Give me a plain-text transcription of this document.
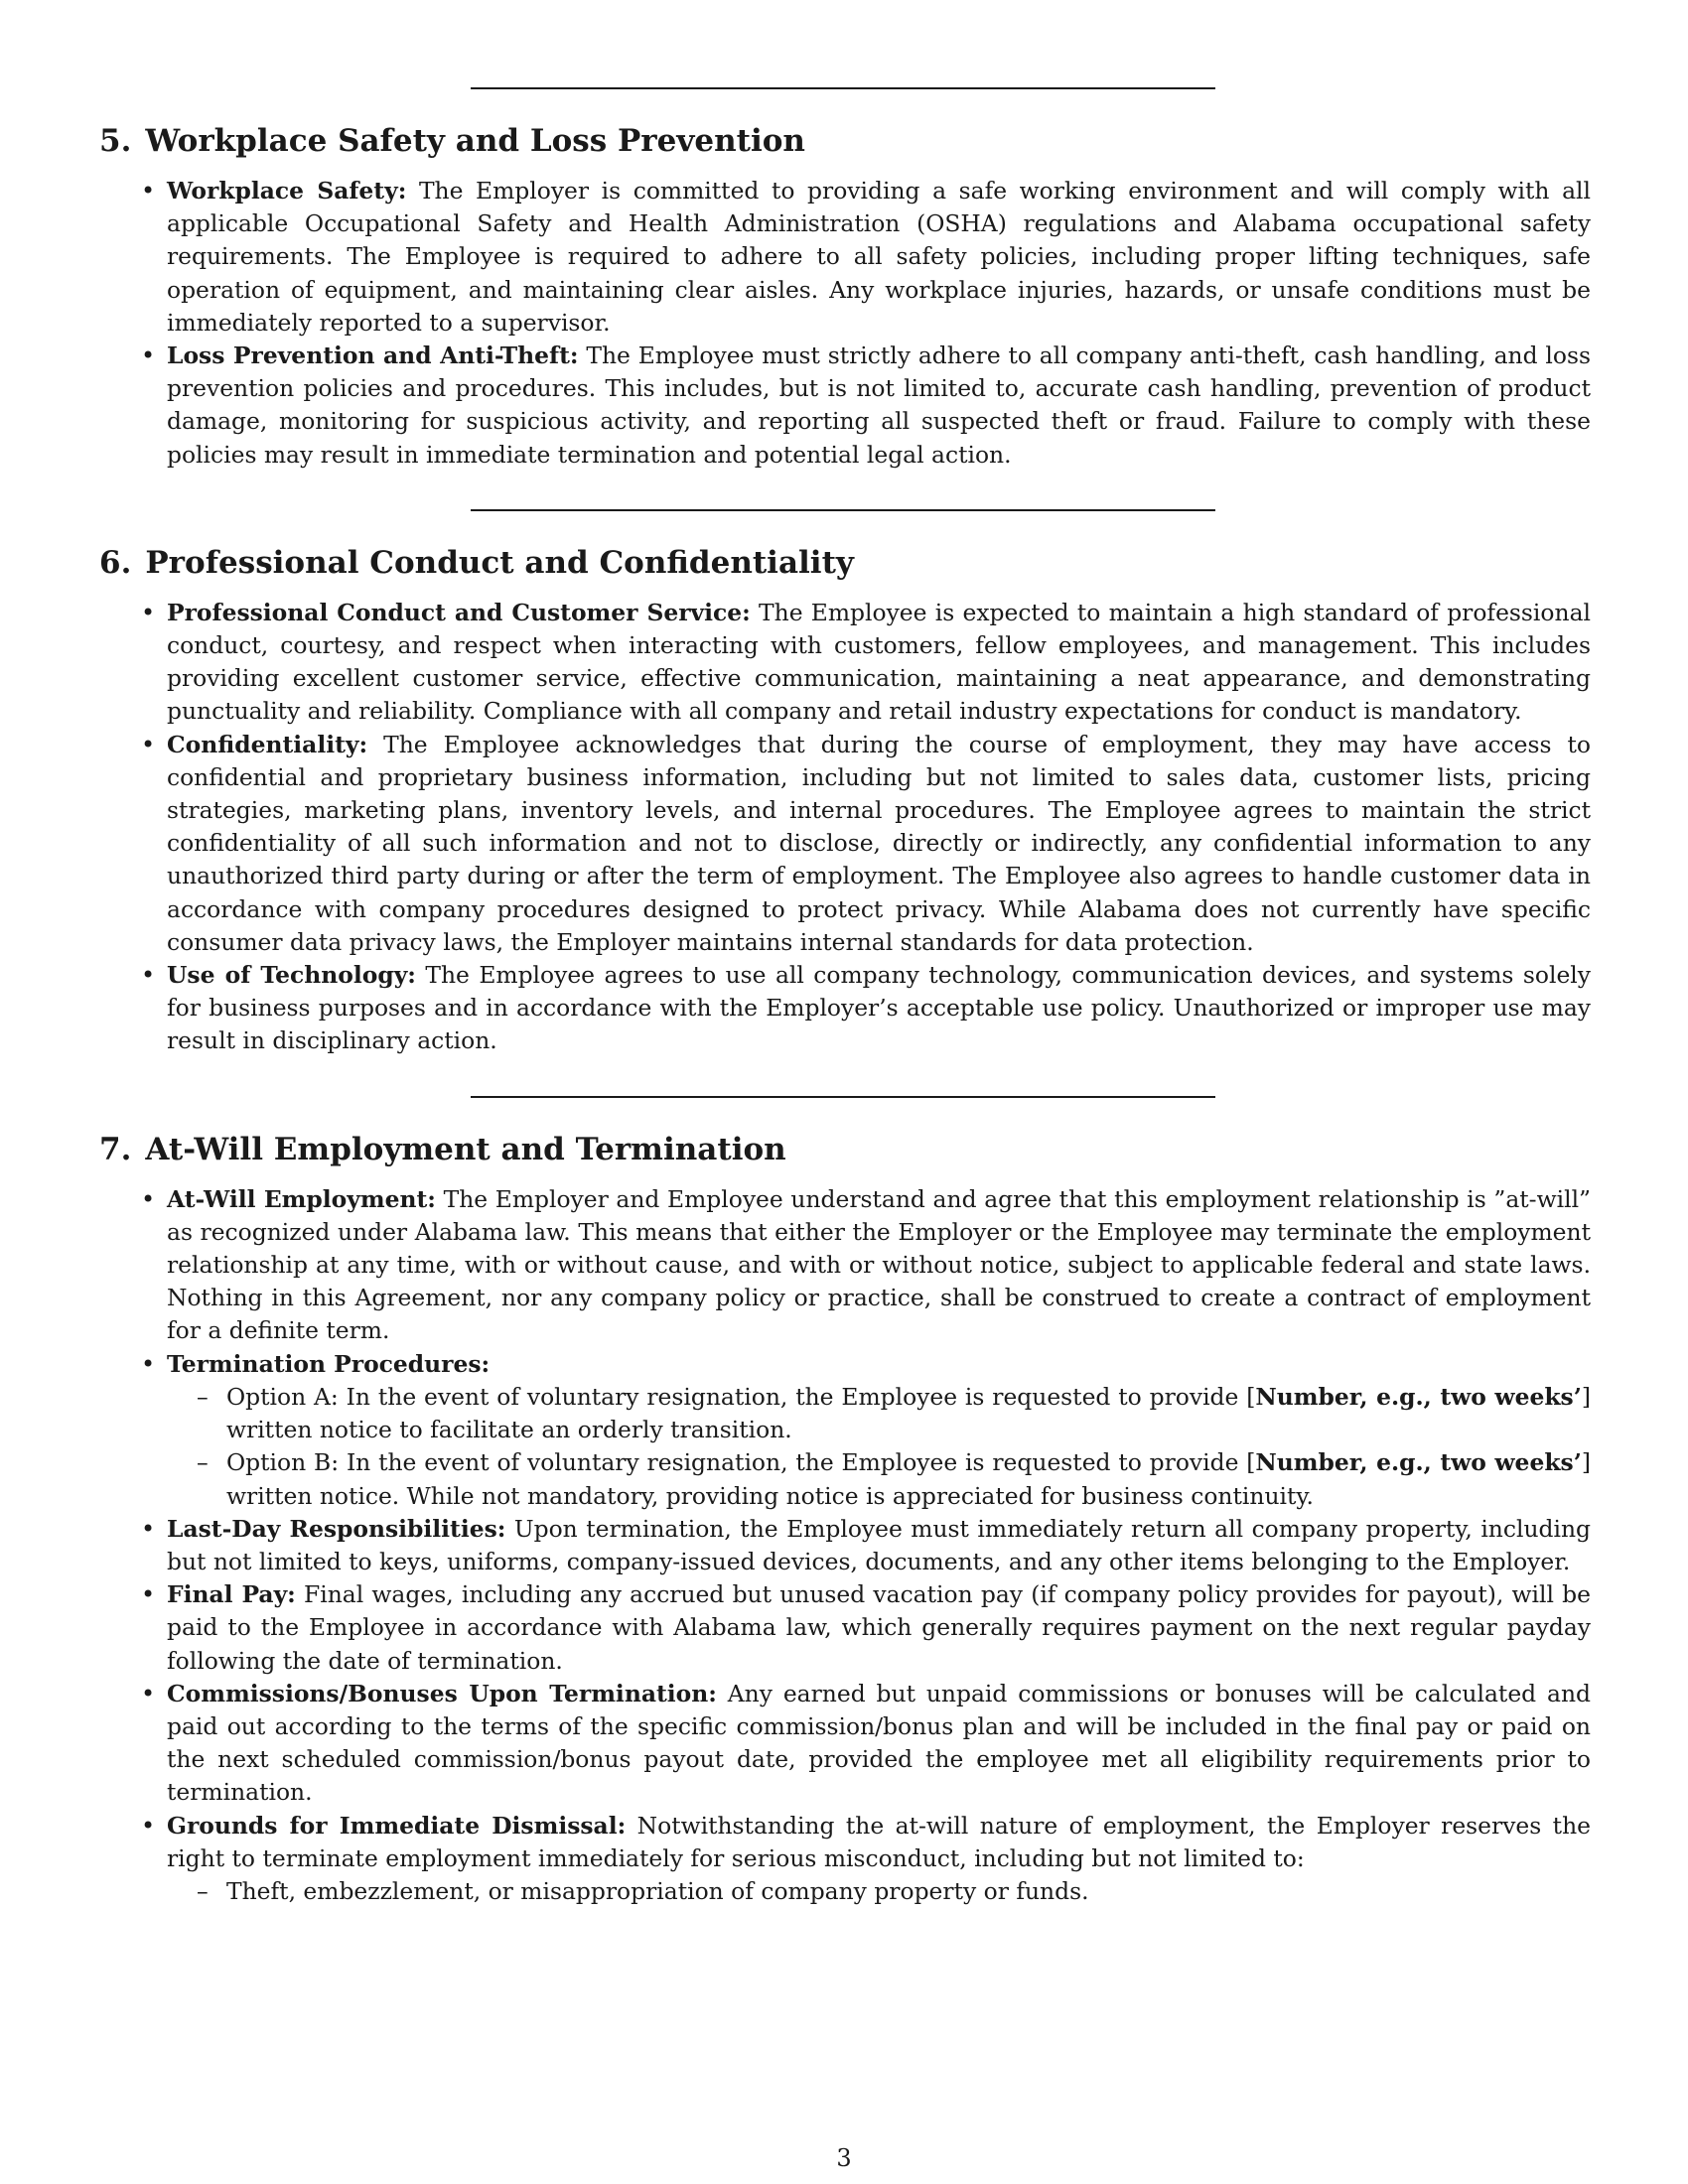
5. Workplace Safety and Loss Prevention
• Workplace Safety: The Employer is committed to providing a safe working environment and will comply with all applicable Occupational Safety and Health Administration (OSHA) regulations and Alabama occupational safety requirements. The Employee is required to adhere to all safety policies, including proper lifting techniques, safe operation of equipment, and maintaining clear aisles. Any workplace injuries, hazards, or unsafe conditions must be immediately reported to a supervisor.
• Loss Prevention and Anti-Theft: The Employee must strictly adhere to all company anti-theft, cash handling, and loss prevention policies and procedures. This includes, but is not limited to, accurate cash handling, prevention of product damage, monitoring for suspicious activity, and reporting all suspected theft or fraud. Failure to comply with these policies may result in immediate termination and potential legal action.
6. Professional Conduct and Confidentiality
• Professional Conduct and Customer Service: The Employee is expected to maintain a high standard of professional conduct, courtesy, and respect when interacting with customers, fellow employees, and management. This includes providing excellent customer service, effective communication, maintaining a neat appearance, and demonstrating punctuality and reliability. Compliance with all company and retail industry expectations for conduct is mandatory.
• Confidentiality: The Employee acknowledges that during the course of employment, they may have access to confidential and proprietary business information, including but not limited to sales data, customer lists, pricing strategies, marketing plans, inventory levels, and internal procedures. The Employee agrees to maintain the strict confidentiality of all such information and not to disclose, directly or indirectly, any confidential information to any unauthorized third party during or after the term of employment. The Employee also agrees to handle customer data in accordance with company procedures designed to protect privacy. While Alabama does not currently have specific consumer data privacy laws, the Employer maintains internal standards for data protection.
• Use of Technology: The Employee agrees to use all company technology, communication devices, and systems solely for business purposes and in accordance with the Employer’s acceptable use policy. Unauthorized or improper use may result in disciplinary action.
7. At-Will Employment and Termination
• At-Will Employment: The Employer and Employee understand and agree that this employment relationship is ”at-will” as recognized under Alabama law. This means that either the Employer or the Employee may terminate the employment relationship at any time, with or without cause, and with or without notice, subject to applicable federal and state laws. Nothing in this Agreement, nor any company policy or practice, shall be construed to create a contract of employment for a definite term.
• Termination Procedures:
– Option A: In the event of voluntary resignation, the Employee is requested to provide [Number, e.g., two weeks’] written notice to facilitate an orderly transition.
– Option B: In the event of voluntary resignation, the Employee is requested to provide [Number, e.g., two weeks’] written notice. While not mandatory, providing notice is appreciated for business continuity.
• Last-Day Responsibilities: Upon termination, the Employee must immediately return all company property, including but not limited to keys, uniforms, company-issued devices, documents, and any other items belonging to the Employer.
• Final Pay: Final wages, including any accrued but unused vacation pay (if company policy provides for payout), will be paid to the Employee in accordance with Alabama law, which generally requires payment on the next regular payday following the date of termination.
• Commissions/Bonuses Upon Termination: Any earned but unpaid commissions or bonuses will be calculated and paid out according to the terms of the specific commission/bonus plan and will be included in the final pay or paid on the next scheduled commission/bonus payout date, provided the employee met all eligibility requirements prior to termination.
• Grounds for Immediate Dismissal: Notwithstanding the at-will nature of employment, the Employer reserves the right to terminate employment immediately for serious misconduct, including but not limited to:
– Theft, embezzlement, or misappropriation of company property or funds.
3
